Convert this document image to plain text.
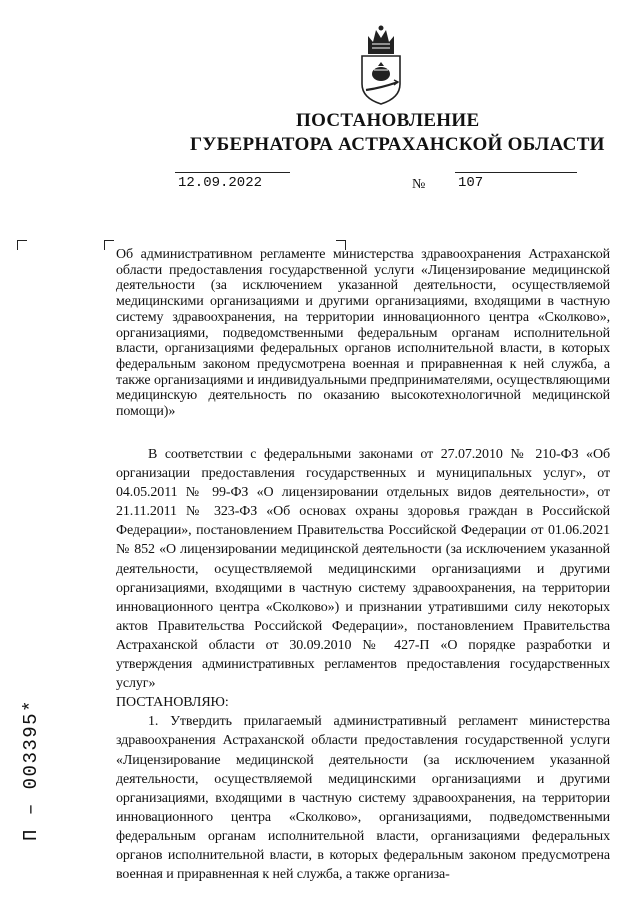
ПОСТАНОВЛЕНИЕ
ГУБЕРНАТОРА АСТРАХАНСКОЙ ОБЛАСТИ
12.09.2022	№ 107
Об административном регламенте министерства здравоохранения Астраханской области предоставления государственной услуги «Лицензирование медицинской деятельности (за исключением указанной деятельности, осуществляемой медицинскими организациями и другими организациями, входящими в частную систему здравоохранения, на территории инновационного центра «Сколково», организациями, подведомственными федеральным органам исполнительной власти, организациями федеральных органов исполнительной власти, в которых федеральным законом предусмотрена военная и приравненная к ней служба, а также организациями и индивидуальными предпринимателями, осуществляющими медицинскую деятельность по оказанию высокотехнологичной медицинской помощи)»

В соответствии с федеральными законами от 27.07.2010 № 210-ФЗ «Об организации предоставления государственных и муниципальных услуг», от 04.05.2011 № 99-ФЗ «О лицензировании отдельных видов деятельности», от 21.11.2011 № 323-ФЗ «Об основах охраны здоровья граждан в Российской Федерации», постановлением Правительства Российской Федерации от 01.06.2021 № 852 «О лицензировании медицинской деятельности (за исключением указанной деятельности, осуществляемой медицинскими организациями и другими организациями, входящими в частную систему здравоохранения, на территории инновационного центра «Сколково») и признании утратившими силу некоторых актов Правительства Российской Федерации», постановлением Правительства Астраханской области от 30.09.2010 № 427-П «О порядке разработки и утверждения административных регламентов предоставления государственных услуг»

ПОСТАНОВЛЯЮ:

1. Утвердить прилагаемый административный регламент министерства здравоохранения Астраханской области предоставления государственной услуги «Лицензирование медицинской деятельности (за исключением указанной деятельности, осуществляемой медицинскими организациями и другими организациями, входящими в частную систему здравоохранения, на территории инновационного центра «Сколково», организациями, подведомственными федеральным органам исполнительной власти, организациями федеральных органов исполнительной власти, в которых федеральным законом предусмотрена военная и приравненная к ней служба, а также организа-

П – 003395*
